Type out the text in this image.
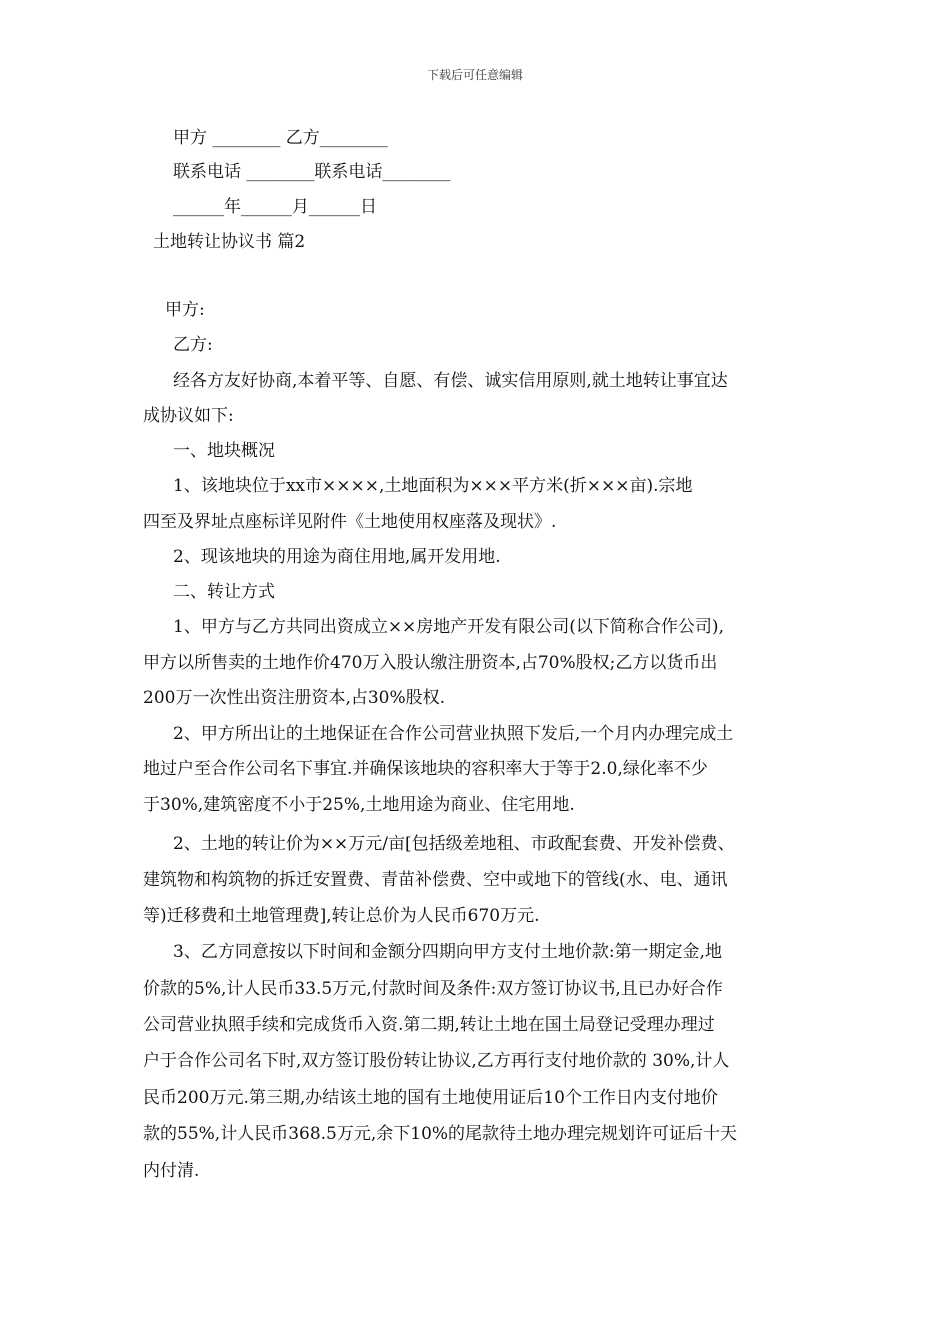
下载后可任意编辑
甲方 ________ 乙方________
联系电话 ________联系电话________
______年______月______日
土地转让协议书 篇2
甲方:
乙方:
经各方友好协商,本着平等、自愿、有偿、诚实信用原则,就土地转让事宜达
成协议如下:
一、地块概况
1、该地块位于xx市××××,土地面积为×××平方米(折×××亩).宗地
四至及界址点座标详见附件《土地使用权座落及现状》.
2、现该地块的用途为商住用地,属开发用地.
二、转让方式
1、甲方与乙方共同出资成立××房地产开发有限公司(以下简称合作公司),
甲方以所售卖的土地作价470万入股认缴注册资本,占70%股权;乙方以货币出
200万一次性出资注册资本,占30%股权.
2、甲方所出让的土地保证在合作公司营业执照下发后,一个月内办理完成土
地过户至合作公司名下事宜.并确保该地块的容积率大于等于2.0,绿化率不少
于30%,建筑密度不小于25%,土地用途为商业、住宅用地.
2、土地的转让价为××万元/亩[包括级差地租、市政配套费、开发补偿费、
建筑物和构筑物的拆迁安置费、青苗补偿费、空中或地下的管线(水、电、通讯
等)迁移费和土地管理费],转让总价为人民币670万元.
3、乙方同意按以下时间和金额分四期向甲方支付土地价款:第一期定金,地
价款的5%,计人民币33.5万元,付款时间及条件:双方签订协议书,且已办好合作
公司营业执照手续和完成货币入资.第二期,转让土地在国土局登记受理办理过
户于合作公司名下时,双方签订股份转让协议,乙方再行支付地价款的 30%,计人
民币200万元.第三期,办结该土地的国有土地使用证后10个工作日内支付地价
款的55%,计人民币368.5万元,余下10%的尾款待土地办理完规划许可证后十天
内付清.
